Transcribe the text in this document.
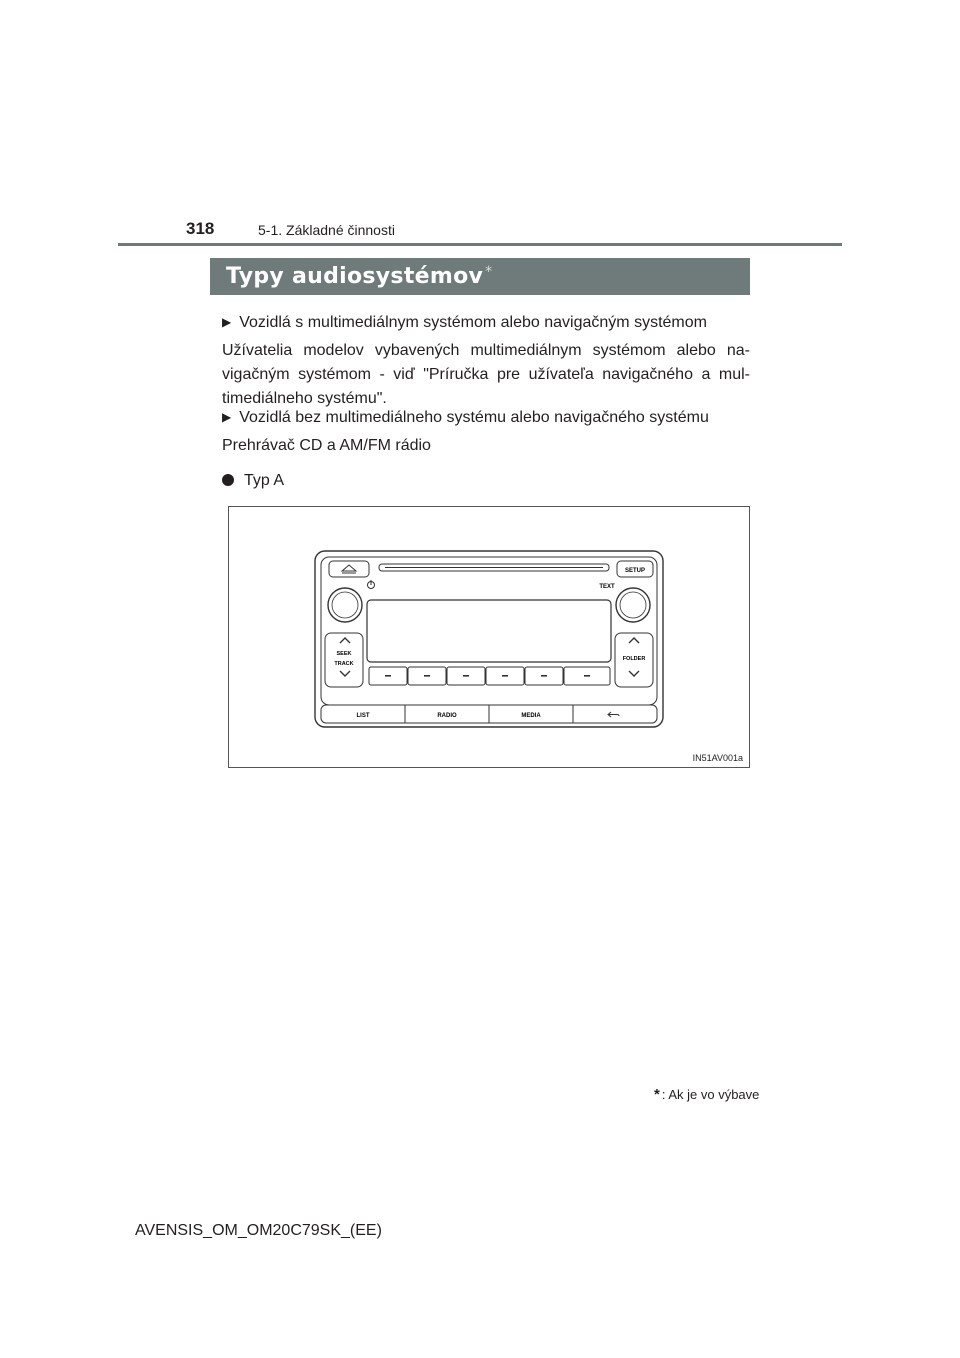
318	5-1. Základné činnosti
Typy audiosystémov *
▶ Vozidlá s multimediálnym systémom alebo navigačným systémom
Užívatelia modelov vybavených multimediálnym systémom alebo na-vigačným systémom - viď "Príručka pre užívateľa navigačného a mul-timediálneho systému".
▶ Vozidlá bez multimediálneho systému alebo navigačného systému
Prehrávač CD a AM/FM rádio
Typ A
SETUP
TEXT
SEEK
TRACK
FOLDER
LIST	RADIO	MEDIA
IN51AV001a
* : Ak je vo výbave
AVENSIS_OM_OM20C79SK_(EE)
